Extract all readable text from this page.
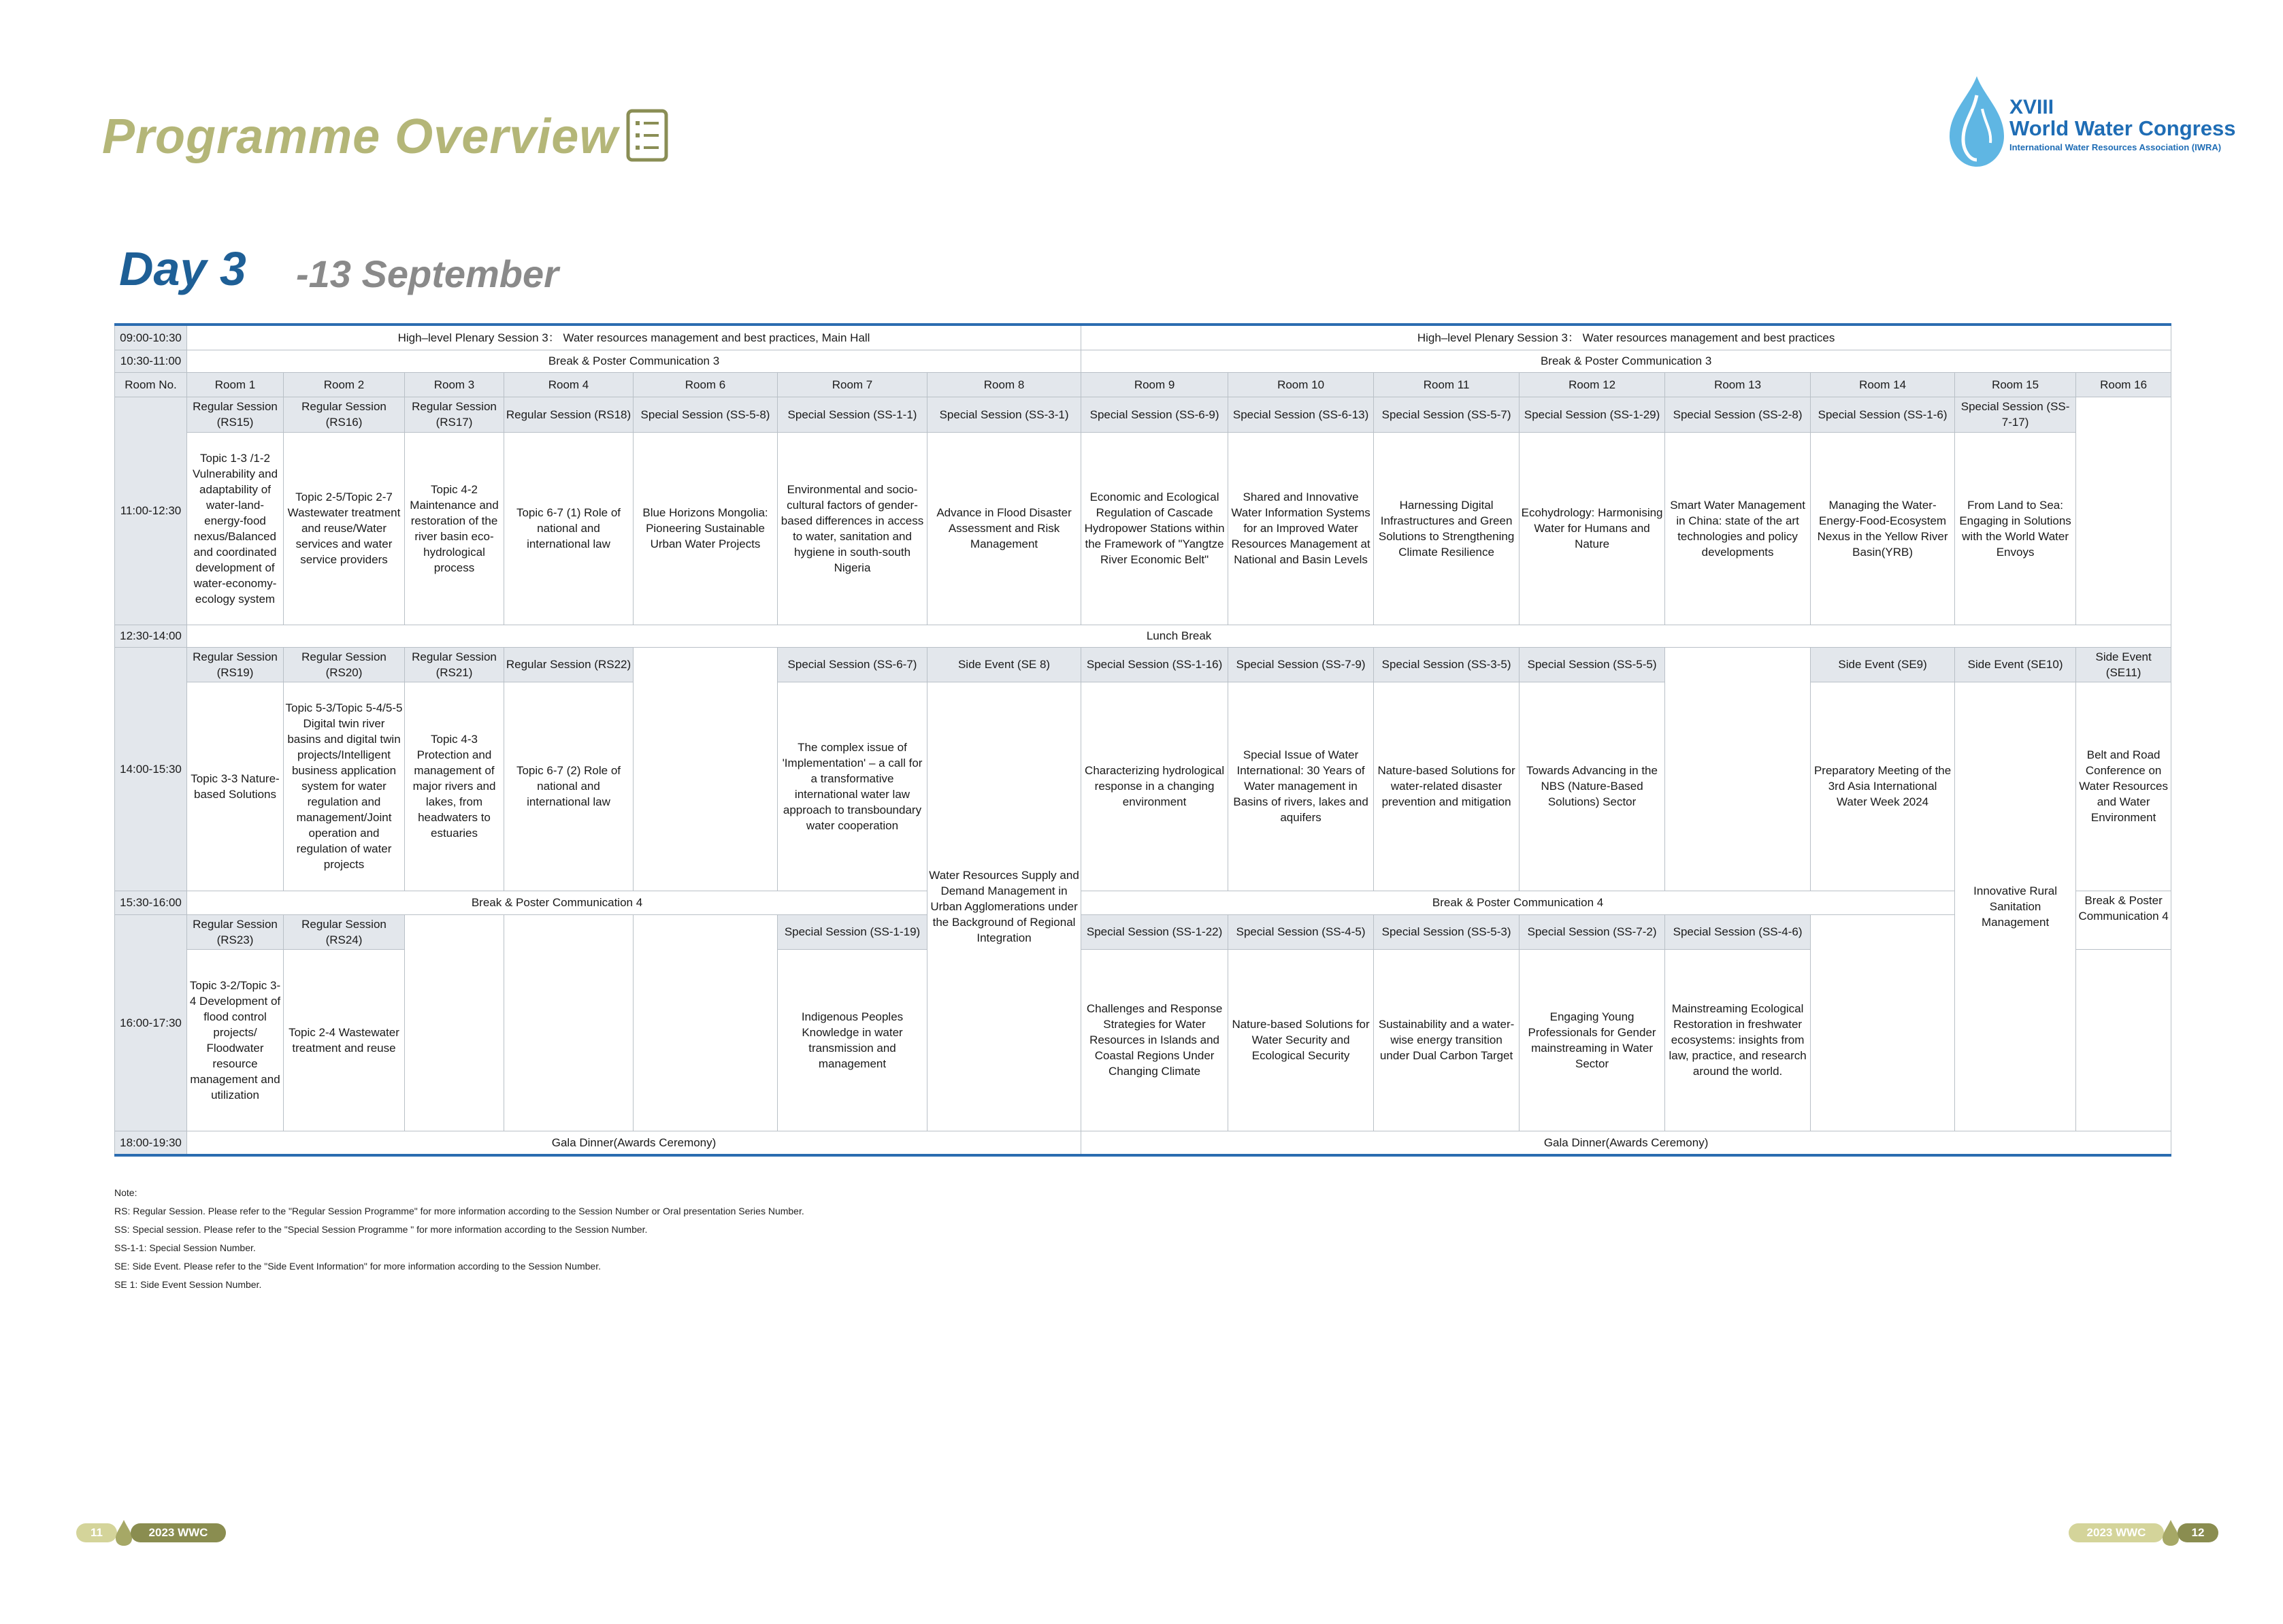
Programme Overview
XVIII
World Water Congress
International Water Resources Association (IWRA)
Day 3 -13 September
09:00-10:30	High–level Plenary Session 3： Water resources management and best practices, Main Hall							High–level Plenary Session 3： Water resources management and best practices							
10:30-11:00	Break & Poster Communication 3							Break & Poster Communication 3							
Room No.	Room 1	Room 2	Room 3	Room 4	Room 6	Room 7	Room 8	Room 9	Room 10	Room 11	Room 12	Room 13	Room 14	Room 15	Room 16
11:00-12:30	Regular Session (RS15)	Regular Session (RS16)	Regular Session (RS17)	Regular Session (RS18)	Special Session (SS-5-8)	Special Session (SS-1-1)	Special Session (SS-3-1)	Special Session (SS-6-9)	Special Session (SS-6-13)	Special Session (SS-5-7)	Special Session (SS-1-29)	Special Session (SS-2-8)	Special Session (SS-1-6)	Special Session (SS-7-17)	
	Topic 1-3 /1-2 Vulnerability and adaptability of water-land-energy-food nexus/Balanced and coordinated development of water-economy-ecology system	Topic 2-5/Topic 2-7 Wastewater treatment and reuse/Water services and water service providers	Topic 4-2 Maintenance and restoration of the river basin eco-hydrological process	Topic 6-7 (1) Role of national and international law	Blue Horizons Mongolia: Pioneering Sustainable Urban Water Projects	Environmental and socio-cultural factors of gender-based differences in access to water, sanitation and hygiene in south-south Nigeria	Advance in Flood Disaster Assessment and Risk Management	Economic and Ecological Regulation of Cascade Hydropower Stations within the Framework of "Yangtze River Economic Belt"	Shared and Innovative Water Information Systems for an Improved Water Resources Management at National and Basin Levels	Harnessing Digital Infrastructures and Green Solutions to Strengthening Climate Resilience	Ecohydrology: Harmonising Water for Humans and Nature	Smart Water Management in China: state of the art technologies and policy developments	Managing the Water-Energy-Food-Ecosystem Nexus in the Yellow River Basin(YRB)	From Land to Sea: Engaging in Solutions with the World Water Envoys	
12:30-14:00	Lunch Break														
14:00-15:30	Regular Session (RS19)	Regular Session (RS20)	Regular Session (RS21)	Regular Session (RS22)		Special Session (SS-6-7)	Side Event (SE 8)	Special Session (SS-1-16)	Special Session (SS-7-9)	Special Session (SS-3-5)	Special Session (SS-5-5)		Side Event (SE9)	Side Event (SE10)	Side Event (SE11)
	Topic 3-3 Nature-based Solutions	Topic 5-3/Topic 5-4/5-5 Digital twin river basins and digital twin projects/Intelligent business application system for water regulation and management/Joint operation and regulation of water projects	Topic 4-3 Protection and management of major rivers and lakes, from headwaters to estuaries	Topic 6-7 (2) Role of national and international law		The complex issue of 'Implementation' – a call for a transformative international water law approach to transboundary water cooperation	Water Resources Supply and Demand Management in Urban Agglomerations under the Background of Regional Integration	Characterizing hydrological response in a changing environment	Special Issue of Water International: 30 Years of Water management in Basins of rivers, lakes and aquifers	Nature-based Solutions for water-related disaster prevention and mitigation	Towards Advancing in the NBS (Nature-Based Solutions) Sector		Preparatory Meeting of the 3rd Asia International Water Week 2024	Innovative Rural Sanitation Management	Belt and Road Conference on Water Resources and Water Environment
15:30-16:00	Break & Poster Communication 4							Break & Poster Communication 4							Break & Poster Communication 4
16:00-17:30	Regular Session (RS23)	Regular Session (RS24)				Special Session (SS-1-19)		Special Session (SS-1-22)	Special Session (SS-4-5)	Special Session (SS-5-3)	Special Session (SS-7-2)	Special Session (SS-4-6)			
	Topic 3-2/Topic 3-4 Development of flood control projects/ Floodwater resource management and utilization	Topic 2-4 Wastewater treatment and reuse				Indigenous Peoples Knowledge in water transmission and management		Challenges and Response Strategies for Water Resources in Islands and Coastal Regions Under Changing Climate	Nature-based Solutions for Water Security and Ecological Security	Sustainability and a water-wise energy transition under Dual Carbon Target	Engaging Young Professionals for Gender mainstreaming in Water Sector	Mainstreaming Ecological Restoration in freshwater ecosystems: insights from law, practice, and research around the world.			
18:00-19:30	Gala Dinner(Awards Ceremony)							Gala Dinner(Awards Ceremony)							
Note:
RS: Regular Session. Please refer to the "Regular Session Programme" for more information according to the Session Number or Oral presentation Series Number.
SS: Special session. Please refer to the "Special Session Programme " for more information according to the Session Number.
SS-1-1: Special Session Number.
SE: Side Event. Please refer to the "Side Event Information" for more information according to the Session Number.
SE 1: Side Event Session Number.
11	2023 WWC	2023 WWC	12
